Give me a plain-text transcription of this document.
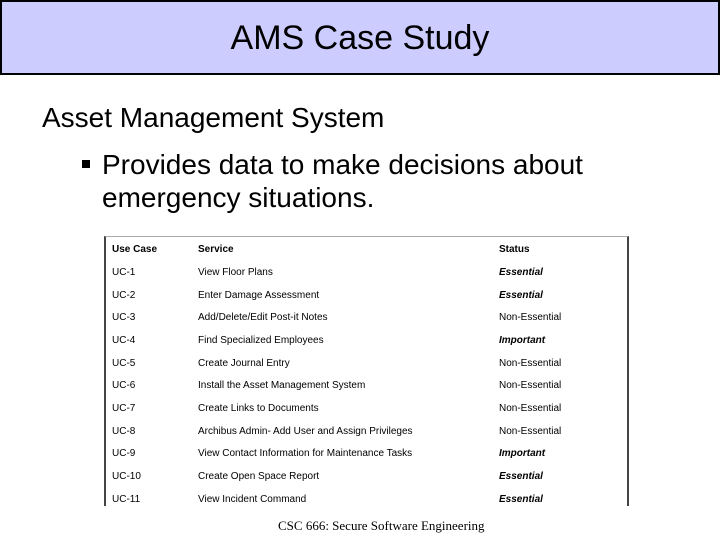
AMS Case Study
Asset Management System
Provides data to make decisions about emergency situations.
Use Case	Service	Status
UC-1	View Floor Plans	Essential
UC-2	Enter Damage Assessment	Essential
UC-3	Add/Delete/Edit Post-it Notes	Non-Essential
UC-4	Find Specialized Employees	Important
UC-5	Create Journal Entry	Non-Essential
UC-6	Install the Asset Management System	Non-Essential
UC-7	Create Links to Documents	Non-Essential
UC-8	Archibus Admin- Add User and Assign Privileges	Non-Essential
UC-9	View Contact Information for Maintenance Tasks	Important
UC-10	Create Open Space Report	Essential
UC-11	View Incident Command	Essential
CSC 666: Secure Software Engineering
